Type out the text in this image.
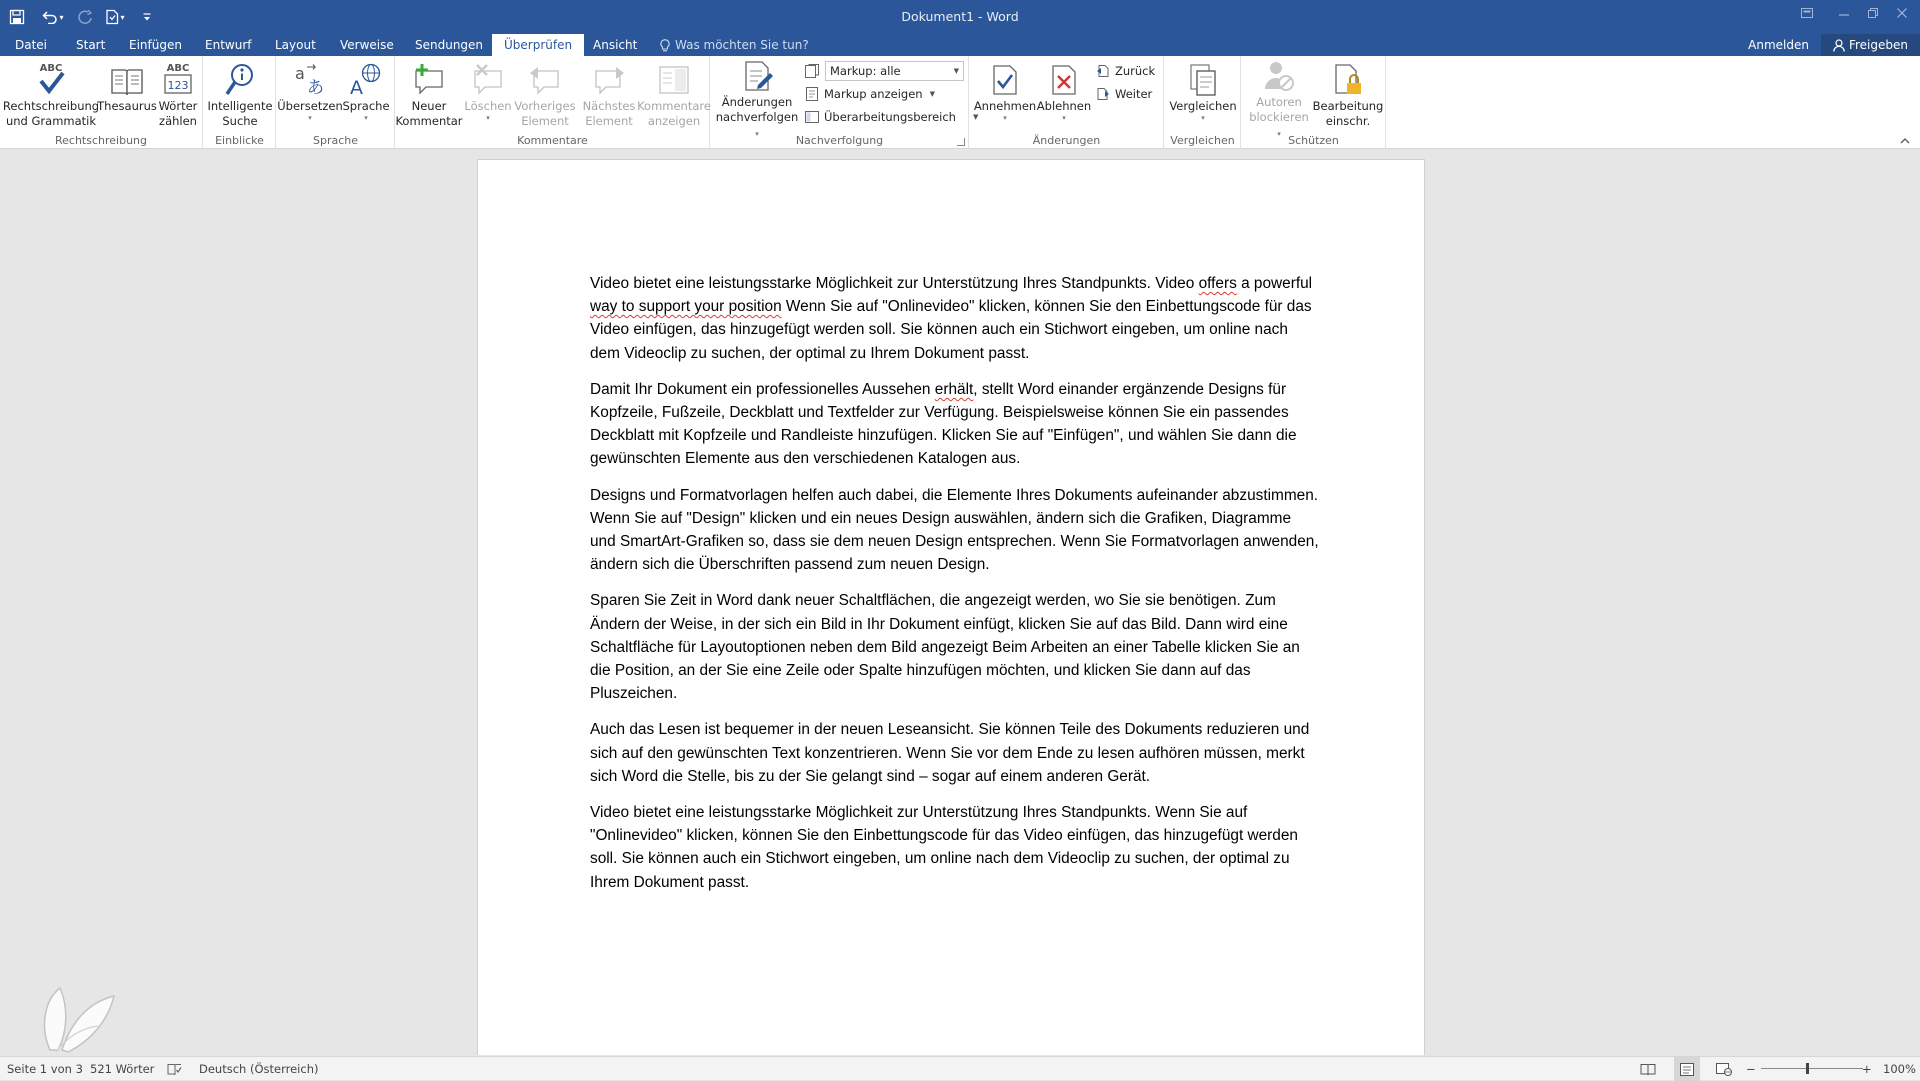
▾	▾	Dokument1 - Word
Datei	Start	Einfügen	Entwurf	Layout	Verweise	Sendungen	Überprüfen	Ansicht	Was möchten Sie tun?	Anmelden	Freigeben
ABC
Rechtschreibung
und Grammatik
Thesaurus
ABC
123
Wörter
zählen
Rechtschreibung
Intelligente
Suche
Einblicke
a
あ
Übersetzen
▾
A
Sprache
▾
Sprache
Neuer
Kommentar
Löschen
▾
Vorheriges
Element
Nächstes
Element
Kommentare
anzeigen
Kommentare
Änderungen
nachverfolgen ▾
Markup: alle	▼
Markup anzeigen ▼
Überarbeitungsbereich ▼
Nachverfolgung
Annehmen
▾
Ablehnen
▾
Zurück
Weiter
Änderungen
Vergleichen
▾
Vergleichen
Autoren
blockieren ▾
Bearbeitung
einschr.
Schützen

Video bietet eine leistungsstarke Möglichkeit zur Unterstützung Ihres Standpunkts. Video offers a powerful way to support your position Wenn Sie auf "Onlinevideo" klicken, können Sie den Einbettungscode für das Video einfügen, das hinzugefügt werden soll. Sie können auch ein Stichwort eingeben, um online nach dem Videoclip zu suchen, der optimal zu Ihrem Dokument passt.

Damit Ihr Dokument ein professionelles Aussehen erhält, stellt Word einander ergänzende Designs für Kopfzeile, Fußzeile, Deckblatt und Textfelder zur Verfügung. Beispielsweise können Sie ein passendes Deckblatt mit Kopfzeile und Randleiste hinzufügen. Klicken Sie auf "Einfügen", und wählen Sie dann die gewünschten Elemente aus den verschiedenen Katalogen aus.

Designs und Formatvorlagen helfen auch dabei, die Elemente Ihres Dokuments aufeinander abzustimmen. Wenn Sie auf "Design" klicken und ein neues Design auswählen, ändern sich die Grafiken, Diagramme und SmartArt-Grafiken so, dass sie dem neuen Design entsprechen. Wenn Sie Formatvorlagen anwenden, ändern sich die Überschriften passend zum neuen Design.

Sparen Sie Zeit in Word dank neuer Schaltflächen, die angezeigt werden, wo Sie sie benötigen. Zum Ändern der Weise, in der sich ein Bild in Ihr Dokument einfügt, klicken Sie auf das Bild. Dann wird eine Schaltfläche für Layoutoptionen neben dem Bild angezeigt Beim Arbeiten an einer Tabelle klicken Sie an die Position, an der Sie eine Zeile oder Spalte hinzufügen möchten, und klicken Sie dann auf das Pluszeichen.

Auch das Lesen ist bequemer in der neuen Leseansicht. Sie können Teile des Dokuments reduzieren und sich auf den gewünschten Text konzentrieren. Wenn Sie vor dem Ende zu lesen aufhören müssen, merkt sich Word die Stelle, bis zu der Sie gelangt sind – sogar auf einem anderen Gerät.

Video bietet eine leistungsstarke Möglichkeit zur Unterstützung Ihres Standpunkts. Wenn Sie auf "Onlinevideo" klicken, können Sie den Einbettungscode für das Video einfügen, das hinzugefügt werden soll. Sie können auch ein Stichwort eingeben, um online nach dem Videoclip zu suchen, der optimal zu Ihrem Dokument passt.

Seite 1 von 3 521 Wörter	Deutsch (Österreich)	−	+ 100%
